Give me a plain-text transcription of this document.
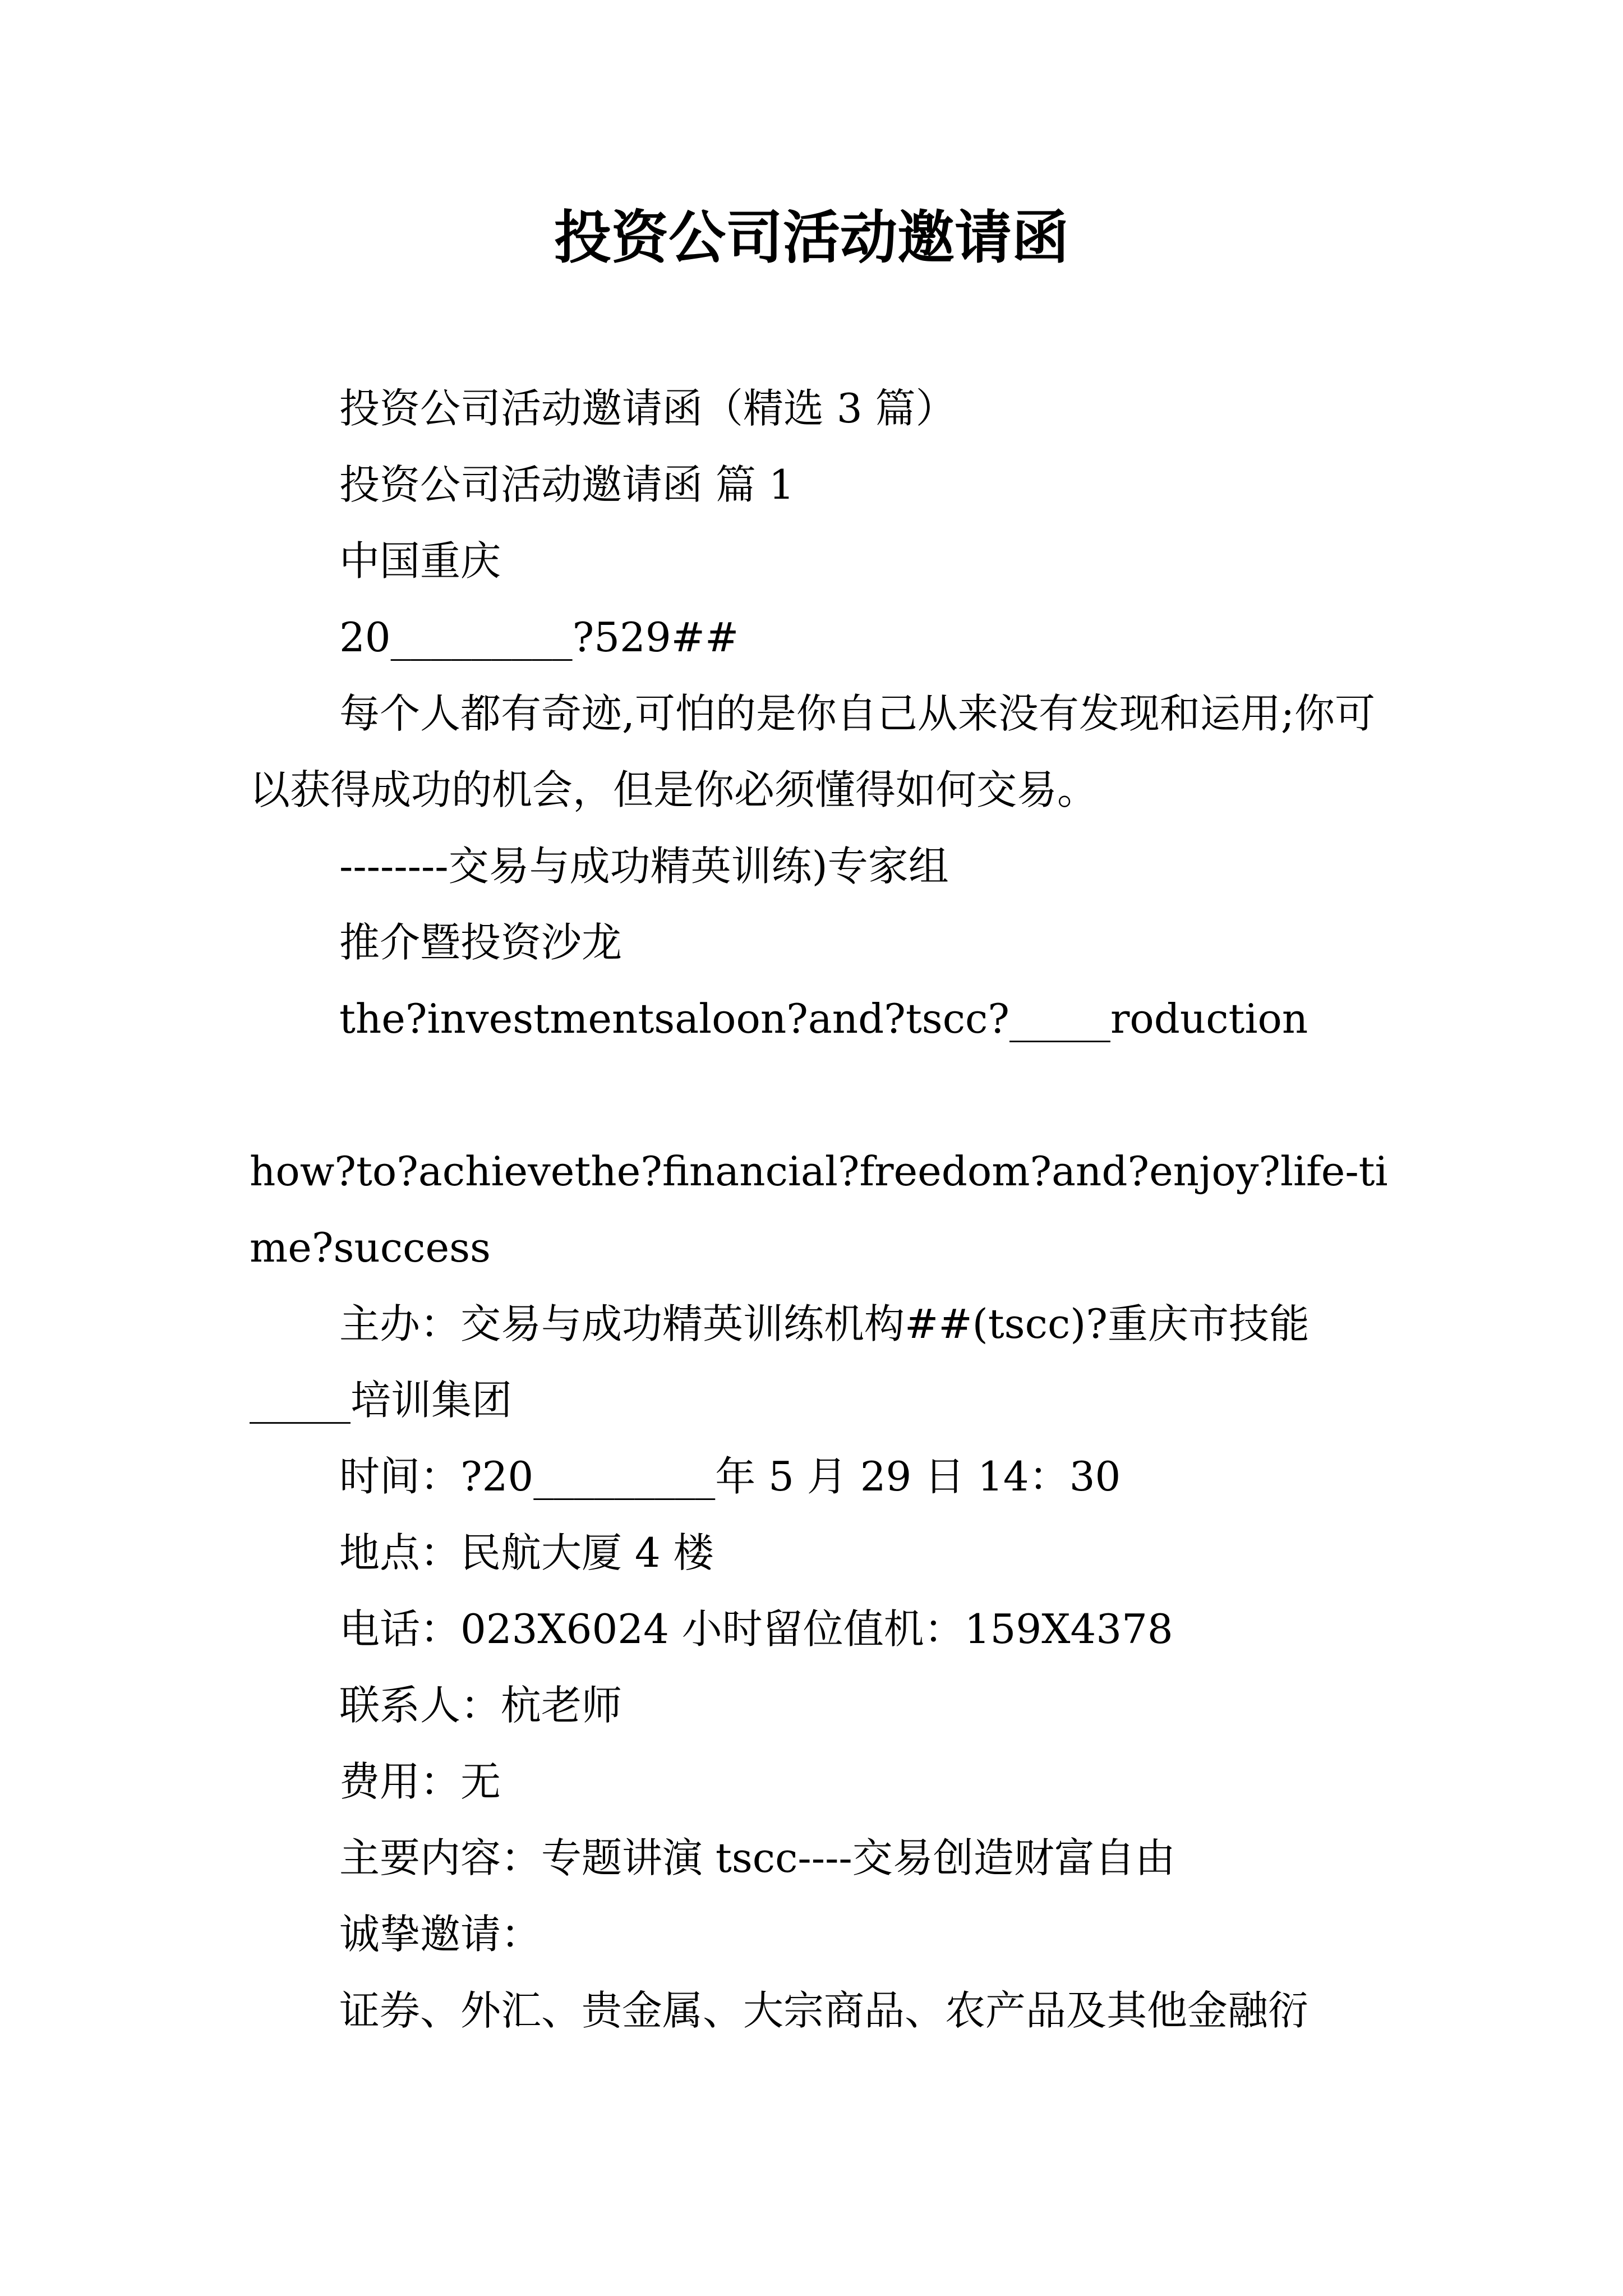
投资公司活动邀请函

投资公司活动邀请函（精选 3 篇）

投资公司活动邀请函 篇 1

中国重庆

20_________?529##

每个人都有奇迹,可怕的是你自己从来没有发现和运用;你可以获得成功的机会，但是你必须懂得如何交易。

--------交易与成功精英训练)专家组

推介暨投资沙龙

the?investmentsaloon?and?tscc?_____roduction

how?to?achievethe?financial?freedom?and?enjoy?life-time?success

主办：交易与成功精英训练机构##(tscc)?重庆市技能_____培训集团

时间：?20_________年 5 月 29 日 14：30

地点：民航大厦 4 楼

电话：023X6024 小时留位值机：159X4378

联系人：杭老师

费用：无

主要内容：专题讲演 tscc----交易创造财富自由

诚挚邀请：

证券、外汇、贵金属、大宗商品、农产品及其他金融衍
